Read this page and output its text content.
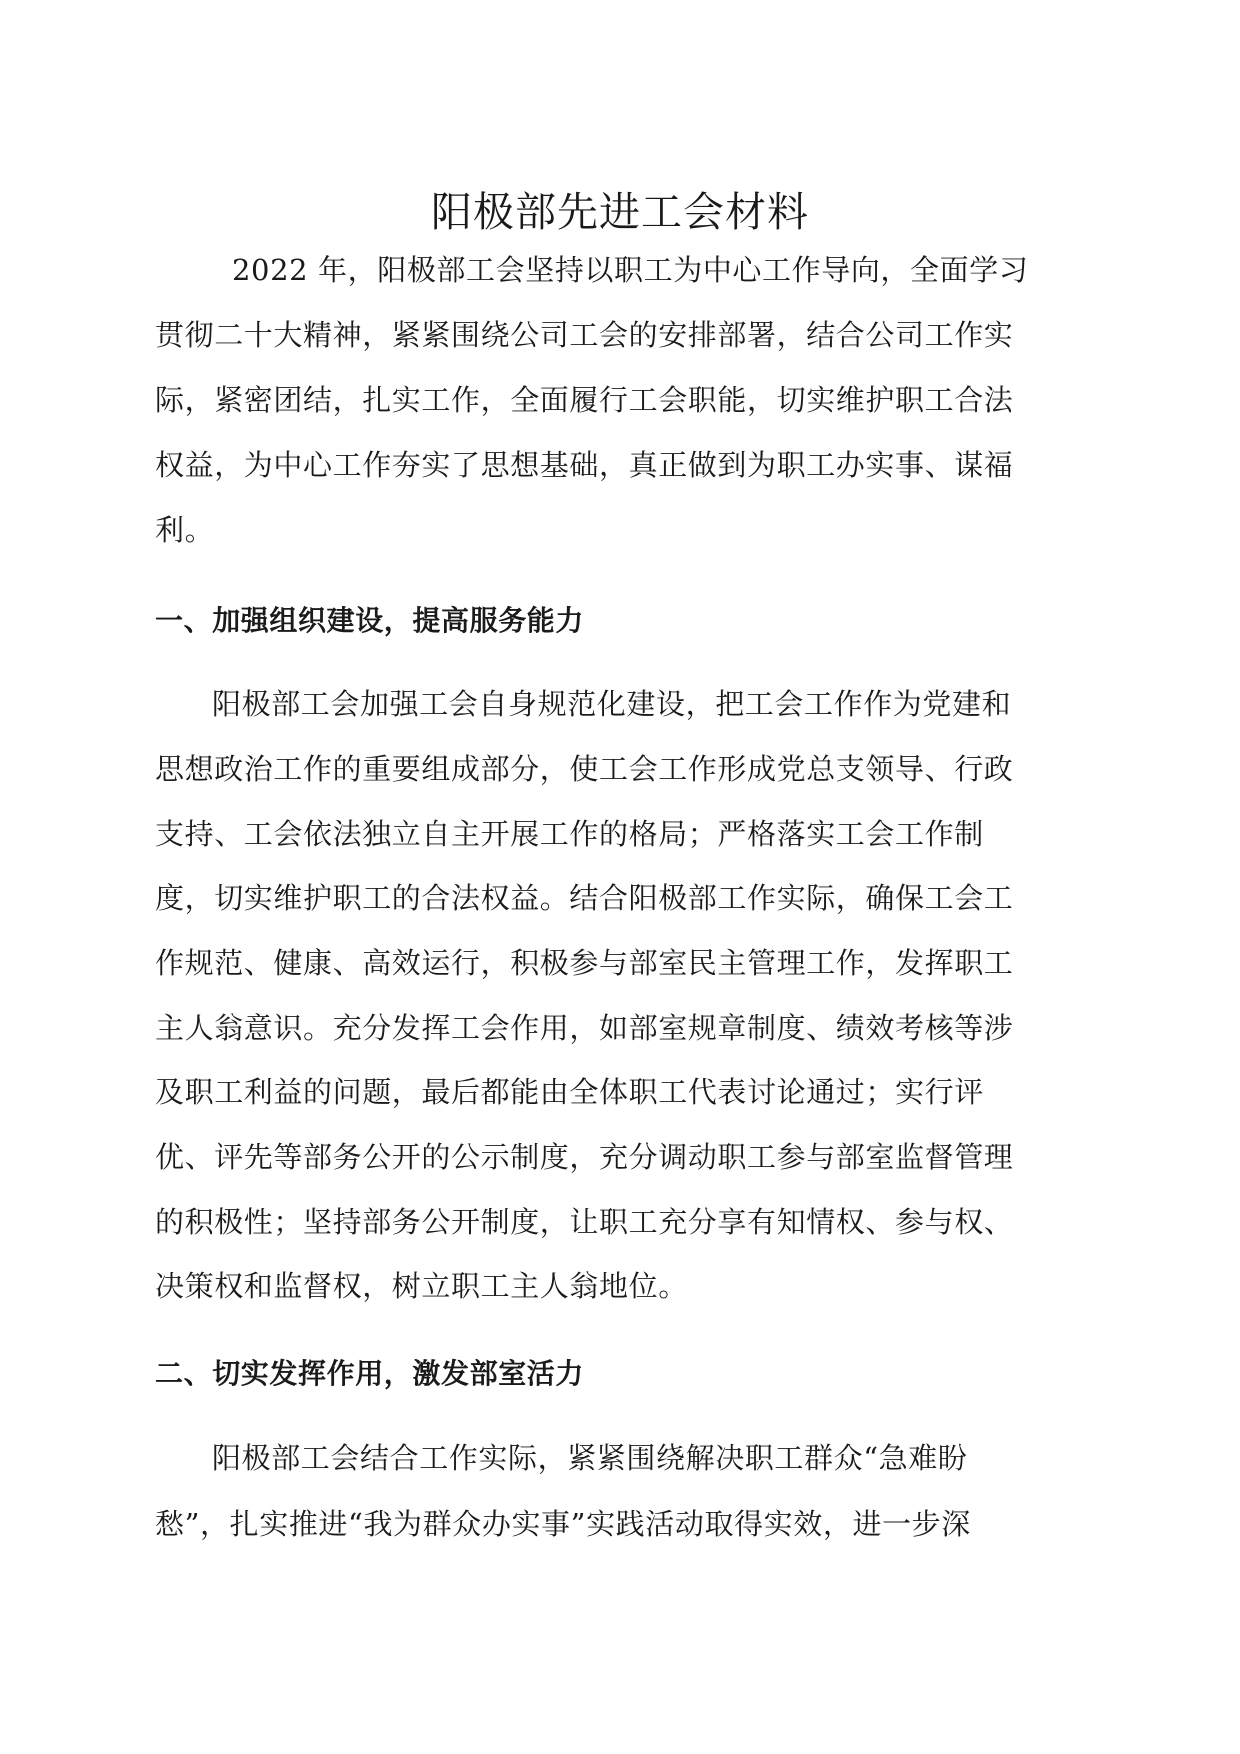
阳极部先进工会材料

2022 年，阳极部工会坚持以职工为中心工作导向，全面学习

贯彻二十大精神，紧紧围绕公司工会的安排部署，结合公司工作实

际，紧密团结，扎实工作，全面履行工会职能，切实维护职工合法

权益，为中心工作夯实了思想基础，真正做到为职工办实事、谋福

利。

一、加强组织建设，提高服务能力

阳极部工会加强工会自身规范化建设，把工会工作作为党建和

思想政治工作的重要组成部分，使工会工作形成党总支领导、行政

支持、工会依法独立自主开展工作的格局；严格落实工会工作制

度，切实维护职工的合法权益。结合阳极部工作实际，确保工会工

作规范、健康、高效运行，积极参与部室民主管理工作，发挥职工

主人翁意识。充分发挥工会作用，如部室规章制度、绩效考核等涉

及职工利益的问题，最后都能由全体职工代表讨论通过；实行评

优、评先等部务公开的公示制度，充分调动职工参与部室监督管理

的积极性；坚持部务公开制度，让职工充分享有知情权、参与权、

决策权和监督权，树立职工主人翁地位。

二、切实发挥作用，激发部室活力

阳极部工会结合工作实际，紧紧围绕解决职工群众“急难盼

愁”，扎实推进“我为群众办实事”实践活动取得实效，进一步深
